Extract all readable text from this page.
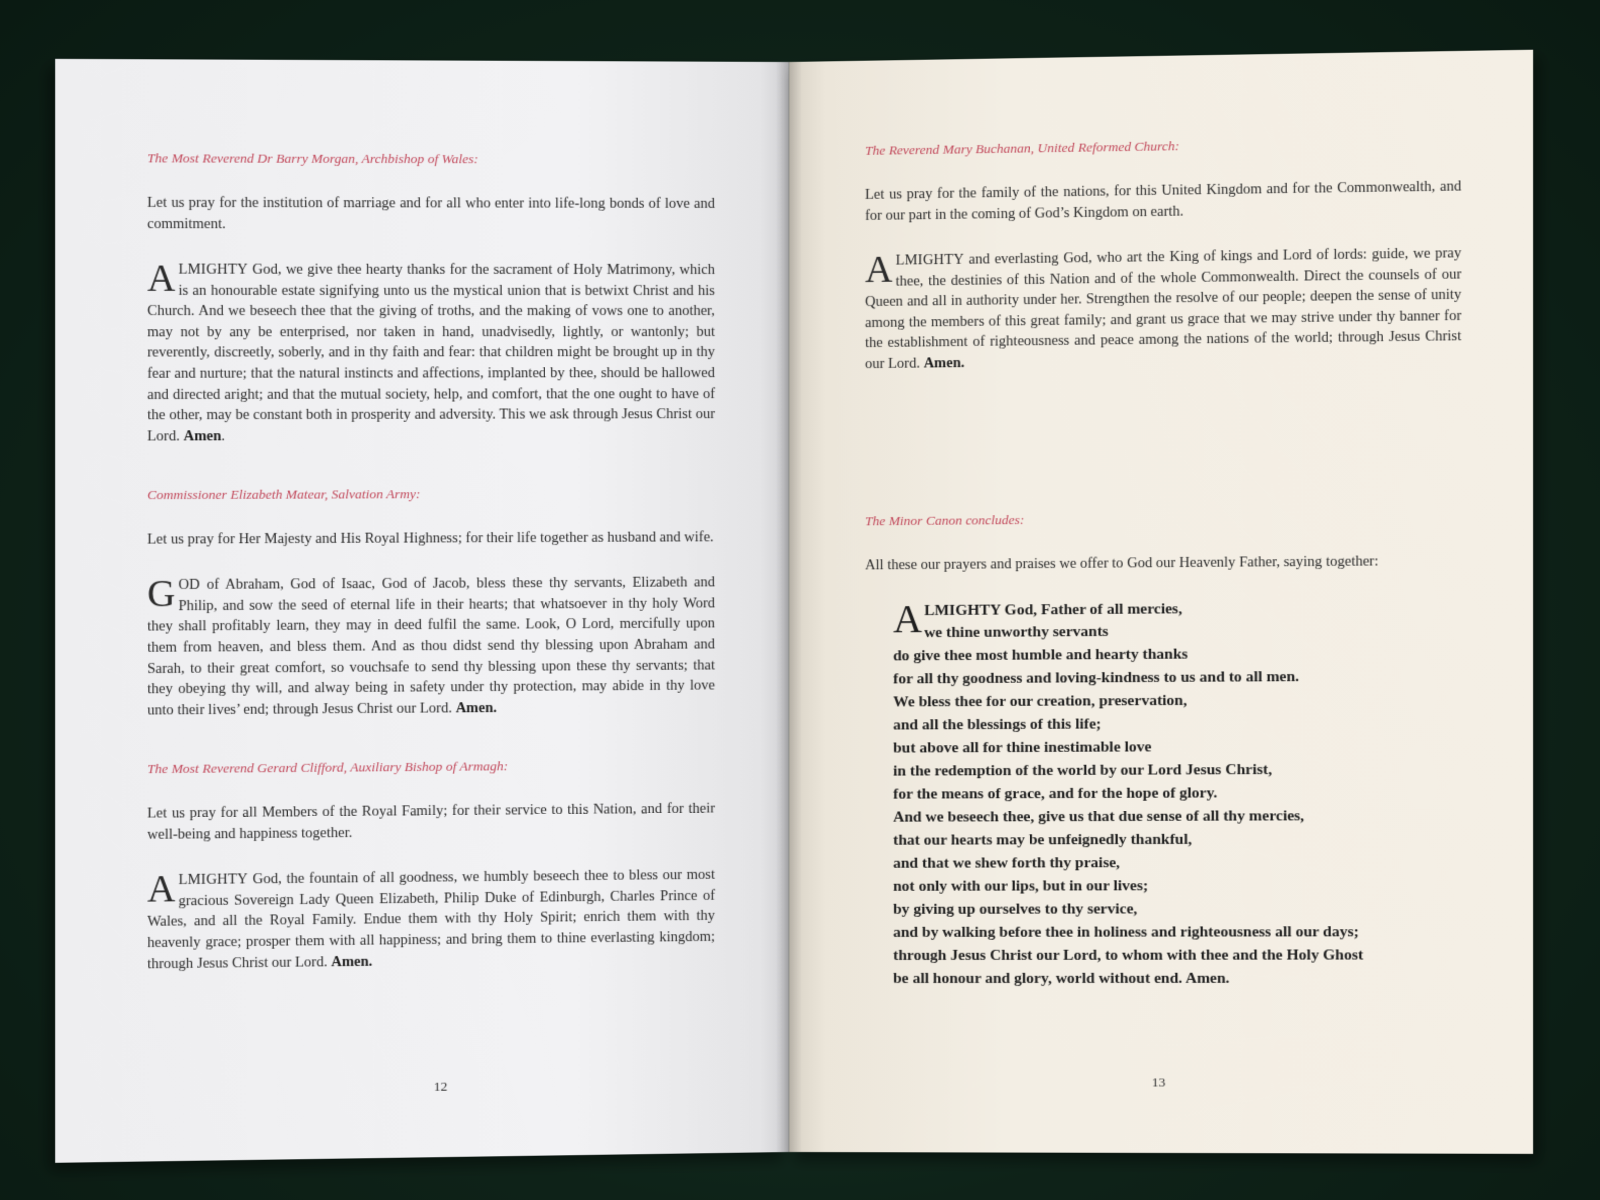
The Most Reverend Dr Barry Morgan, Archbishop of Wales:

Let us pray for the institution of marriage and for all who enter into life-long bonds of love and commitment.

ALMIGHTY God, we give thee hearty thanks for the sacrament of Holy Matrimony, which is an honourable estate signifying unto us the mystical union that is betwixt Christ and his Church. And we beseech thee that the giving of troths, and the making of vows one to another, may not by any be enterprised, nor taken in hand, unadvisedly, lightly, or wantonly; but reverently, discreetly, soberly, and in thy faith and fear: that children might be brought up in thy fear and nurture; that the natural instincts and affections, implanted by thee, should be hallowed and directed aright; and that the mutual society, help, and comfort, that the one ought to have of the other, may be constant both in prosperity and adversity. This we ask through Jesus Christ our Lord. Amen.

Commissioner Elizabeth Matear, Salvation Army:

Let us pray for Her Majesty and His Royal Highness; for their life together as husband and wife.

GOD of Abraham, God of Isaac, God of Jacob, bless these thy servants, Elizabeth and Philip, and sow the seed of eternal life in their hearts; that whatsoever in thy holy Word they shall profitably learn, they may in deed fulfil the same. Look, O Lord, mercifully upon them from heaven, and bless them. And as thou didst send thy blessing upon Abraham and Sarah, to their great comfort, so vouchsafe to send thy blessing upon these thy servants; that they obeying thy will, and alway being in safety under thy protection, may abide in thy love unto their lives’ end; through Jesus Christ our Lord. Amen.

The Most Reverend Gerard Clifford, Auxiliary Bishop of Armagh:

Let us pray for all Members of the Royal Family; for their service to this Nation, and for their well-being and happiness together.

ALMIGHTY God, the fountain of all goodness, we humbly beseech thee to bless our most gracious Sovereign Lady Queen Elizabeth, Philip Duke of Edinburgh, Charles Prince of Wales, and all the Royal Family. Endue them with thy Holy Spirit; enrich them with thy heavenly grace; prosper them with all happiness; and bring them to thine everlasting kingdom; through Jesus Christ our Lord. Amen.

12

The Reverend Mary Buchanan, United Reformed Church:

Let us pray for the family of the nations, for this United Kingdom and for the Commonwealth, and for our part in the coming of God’s Kingdom on earth.

ALMIGHTY and everlasting God, who art the King of kings and Lord of lords: guide, we pray thee, the destinies of this Nation and of the whole Commonwealth. Direct the counsels of our Queen and all in authority under her. Strengthen the resolve of our people; deepen the sense of unity among the members of this great family; and grant us grace that we may strive under thy banner for the establishment of righteousness and peace among the nations of the world; through Jesus Christ our Lord. Amen.

The Minor Canon concludes:

All these our prayers and praises we offer to God our Heavenly Father, saying together:

A LMIGHTY God, Father of all mercies,
we thine unworthy servants
do give thee most humble and hearty thanks
for all thy goodness and loving-kindness to us and to all men.
We bless thee for our creation, preservation,
and all the blessings of this life;
but above all for thine inestimable love
in the redemption of the world by our Lord Jesus Christ,
for the means of grace, and for the hope of glory.
And we beseech thee, give us that due sense of all thy mercies,
that our hearts may be unfeignedly thankful,
and that we shew forth thy praise,
not only with our lips, but in our lives;
by giving up ourselves to thy service,
and by walking before thee in holiness and righteousness all our days;
through Jesus Christ our Lord, to whom with thee and the Holy Ghost
be all honour and glory, world without end. Amen.
13
